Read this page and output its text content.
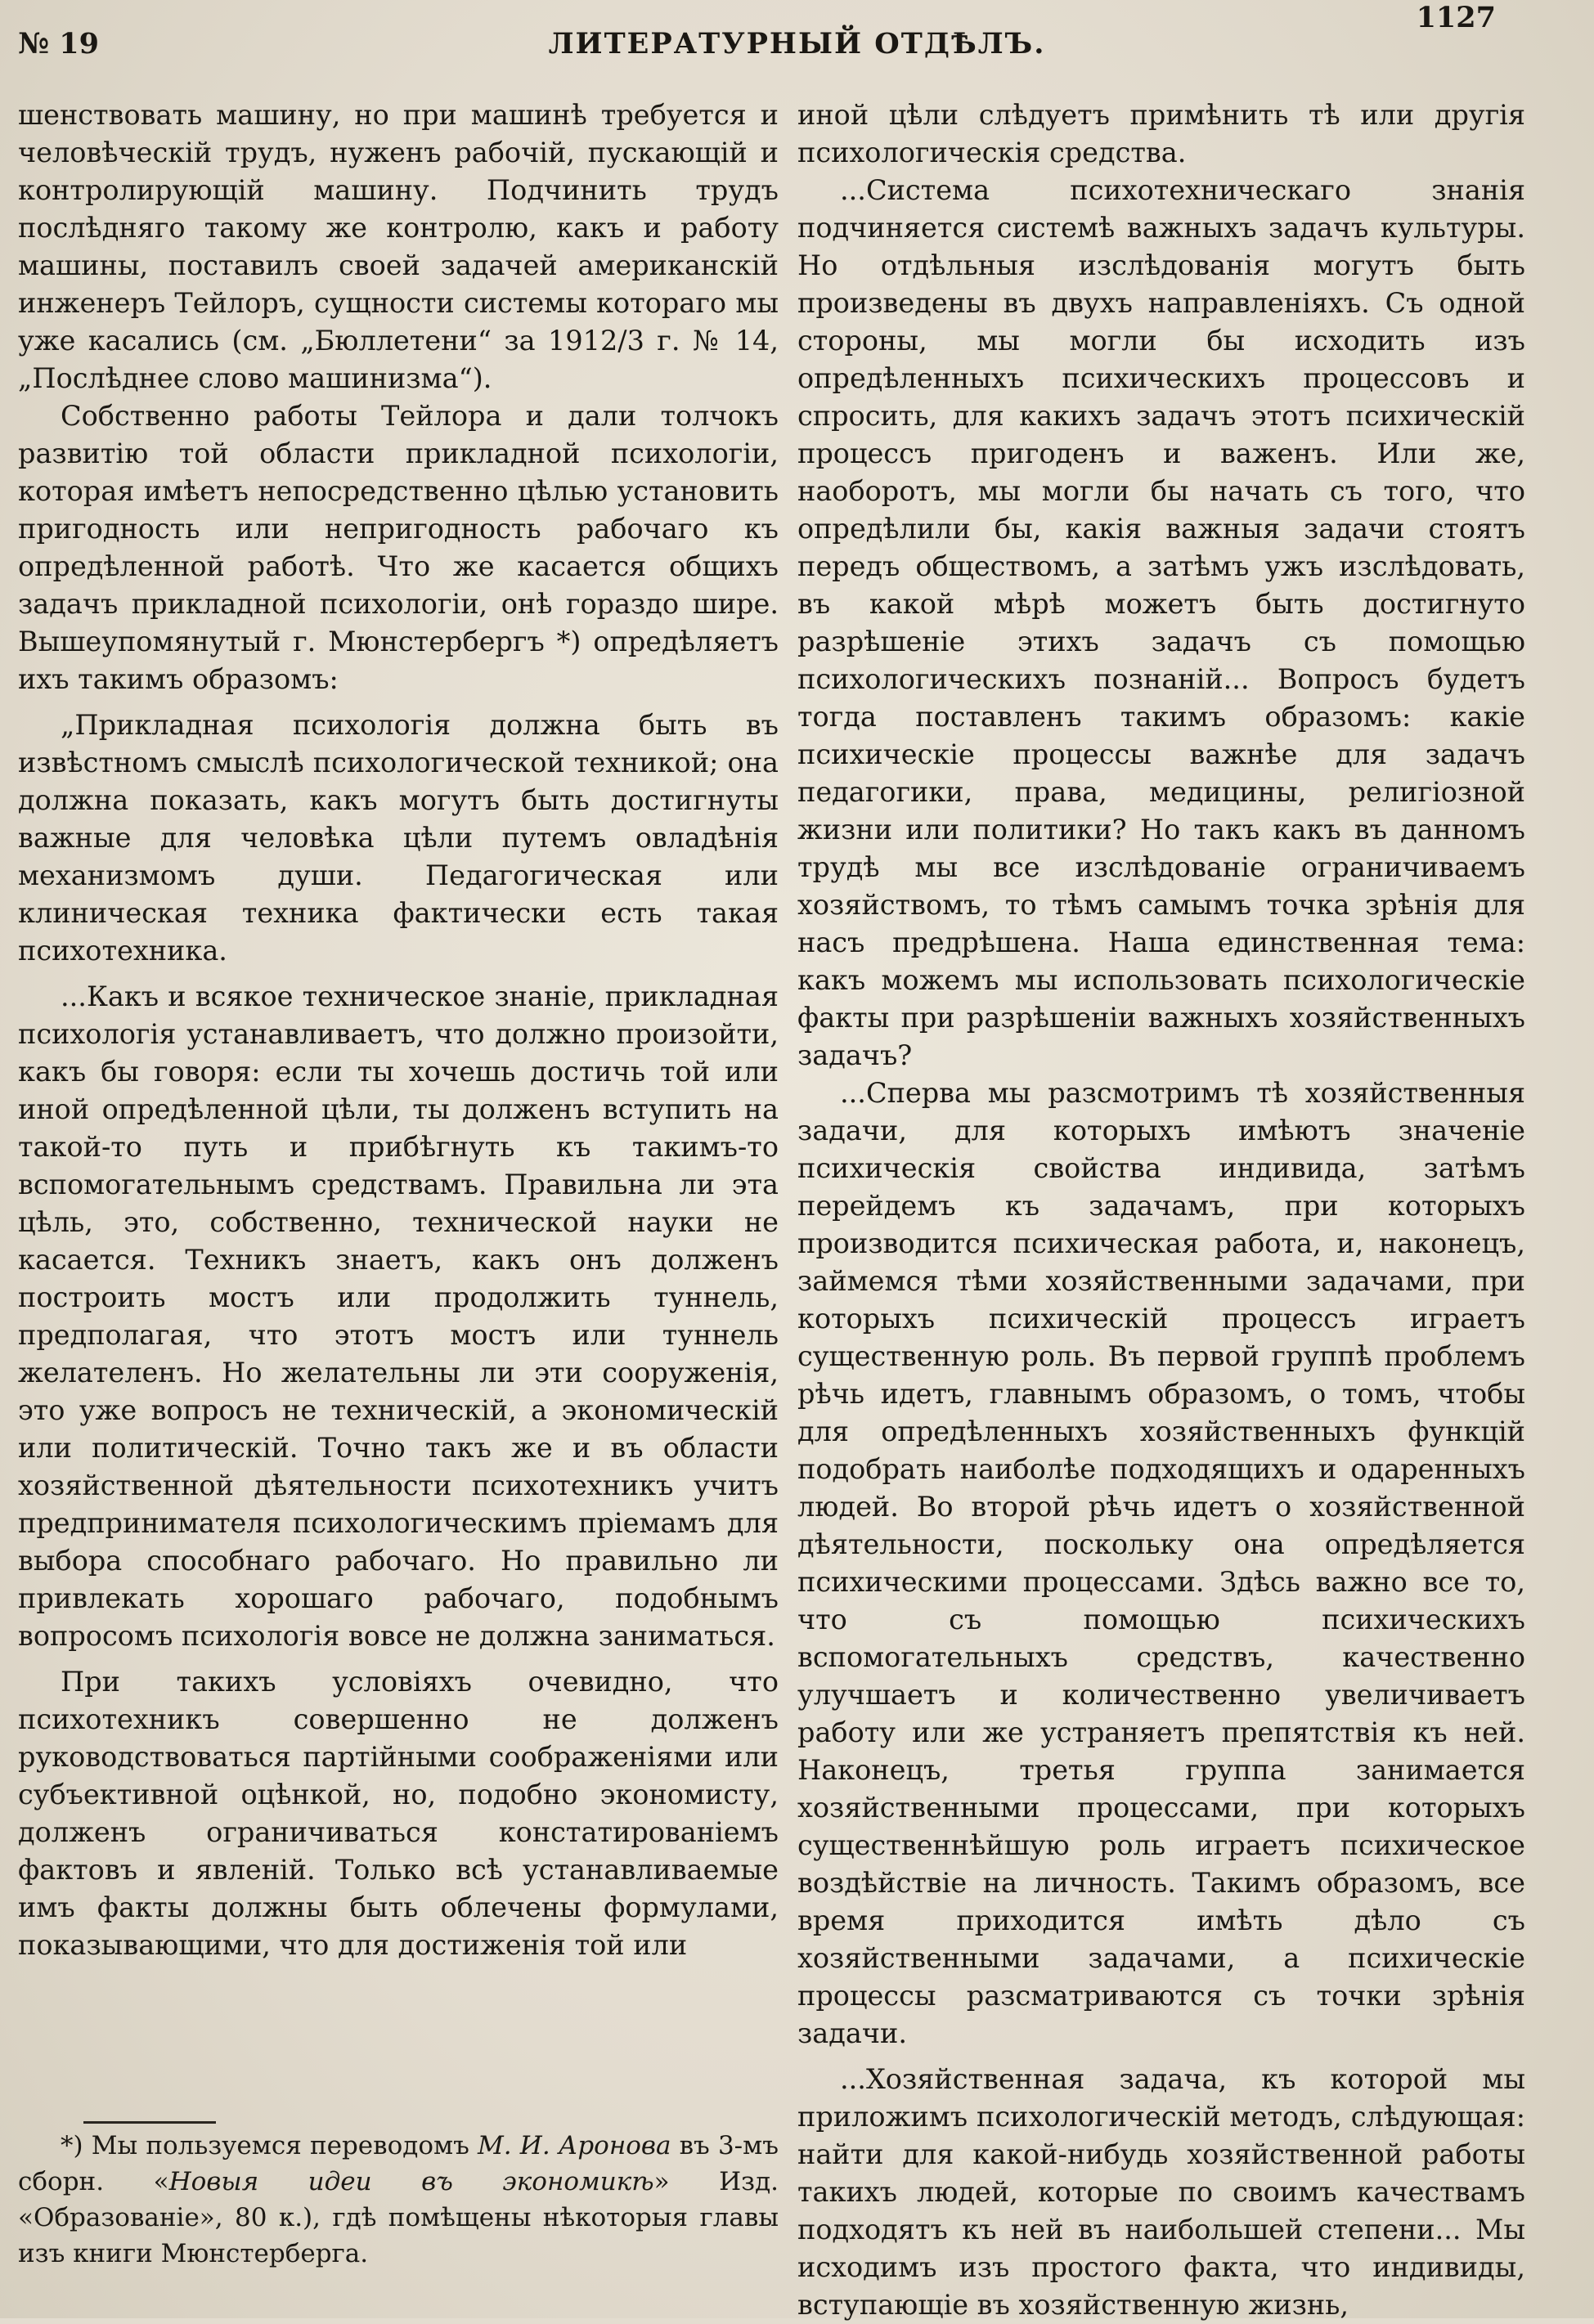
№ 19	ЛИТЕРАТУРНЫЙ ОТДѢЛЪ.
1127

шенствовать машину, но при машинѣ требуется и человѣческій трудъ, нуженъ рабочій, пускающій и контролирующій машину. Подчинить трудъ послѣдняго такому же контролю, какъ и работу машины, поставилъ своей задачей американскій инженеръ Тейлоръ, сущности системы котораго мы уже касались (см. „Бюллетени“ за 1912/3 г. № 14, „Послѣднее слово машинизма“).

Собственно работы Тейлора и дали толчокъ развитію той области прикладной психологіи, которая имѣетъ непосредственно цѣлью установить пригодность или непригодность рабочаго къ опредѣленной работѣ. Что же касается общихъ задачъ прикладной психологіи, онѣ гораздо шире. Вышеупомянутый г. Мюнстербергъ *) опредѣляетъ ихъ такимъ образомъ:

„Прикладная психологія должна быть въ извѣстномъ смыслѣ психологической техникой; она должна показать, какъ могутъ быть достигнуты важные для человѣка цѣли путемъ овладѣнія механизмомъ души. Педагогическая или клиническая техника фактически есть такая психотехника.

...Какъ и всякое техническое знаніе, прикладная психологія устанавливаетъ, что должно произойти, какъ бы говоря: если ты хочешь достичь той или иной опредѣленной цѣли, ты долженъ вступить на такой-то путь и прибѣгнуть къ такимъ-то вспомогательнымъ средствамъ. Правильна ли эта цѣль, это, собственно, технической науки не касается. Техникъ знаетъ, какъ онъ долженъ построить мостъ или продолжить туннель, предполагая, что этотъ мостъ или туннель желателенъ. Но желательны ли эти сооруженія, это уже вопросъ не техническій, а экономическій или политическій. Точно такъ же и въ области хозяйственной дѣятельности психотехникъ учитъ предпринимателя психологическимъ пріемамъ для выбора способнаго рабочаго. Но правильно ли привлекать хорошаго рабочаго, подобнымъ вопросомъ психологія вовсе не должна заниматься.

При такихъ условіяхъ очевидно, что психотехникъ совершенно не долженъ руководствоваться партійными соображеніями или субъективной оцѣнкой, но, подобно экономисту, долженъ ограничиваться констатированіемъ фактовъ и явленій. Только всѣ устанавливаемые имъ факты должны быть облечены формулами, показывающими, что для достиженія той или

иной цѣли слѣдуетъ примѣнить тѣ или другія психологическія средства.

...Система психотехническаго знанія подчиняется системѣ важныхъ задачъ культуры. Но отдѣльныя изслѣдованія могутъ быть произведены въ двухъ направленіяхъ. Съ одной стороны, мы могли бы исходить изъ опредѣленныхъ психическихъ процессовъ и спросить, для какихъ задачъ этотъ психическій процессъ пригоденъ и важенъ. Или же, наоборотъ, мы могли бы начать съ того, что опредѣлили бы, какія важныя задачи стоятъ передъ обществомъ, а затѣмъ ужъ изслѣдовать, въ какой мѣрѣ можетъ быть достигнуто разрѣшеніе этихъ задачъ съ помощью психологическихъ познаній... Вопросъ будетъ тогда поставленъ такимъ образомъ: какіе психическіе процессы важнѣе для задачъ педагогики, права, медицины, религіозной жизни или политики? Но такъ какъ въ данномъ трудѣ мы все изслѣдованіе ограничиваемъ хозяйствомъ, то тѣмъ самымъ точка зрѣнія для насъ предрѣшена. Наша единственная тема: какъ можемъ мы использовать психологическіе факты при разрѣшеніи важныхъ хозяйственныхъ задачъ?

...Сперва мы разсмотримъ тѣ хозяйственныя задачи, для которыхъ имѣютъ значеніе психическія свойства индивида, затѣмъ перейдемъ къ задачамъ, при которыхъ производится психическая работа, и, наконецъ, займемся тѣми хозяйственными задачами, при которыхъ психическій процессъ играетъ существенную роль. Въ первой группѣ проблемъ рѣчь идетъ, главнымъ образомъ, о томъ, чтобы для опредѣленныхъ хозяйственныхъ функцій подобрать наиболѣе подходящихъ и одаренныхъ людей. Во второй рѣчь идетъ о хозяйственной дѣятельности, поскольку она опредѣляется психическими процессами. Здѣсь важно все то, что съ помощью психическихъ вспомогательныхъ средствъ, качественно улучшаетъ и количественно увеличиваетъ работу или же устраняетъ препятствія къ ней. Наконецъ, третья группа занимается хозяйственными процессами, при которыхъ существеннѣйшую роль играетъ психическое воздѣйствіе на личность. Такимъ образомъ, все время приходится имѣть дѣло съ хозяйственными задачами, а психическіе процессы разсматриваются съ точки зрѣнія задачи.

...Хозяйственная задача, къ которой мы приложимъ психологическій методъ, слѣдующая: найти для какой-нибудь хозяйственной работы такихъ людей, которые по своимъ качествамъ подходятъ къ ней въ наибольшей степени... Мы исходимъ изъ простого факта, что индивиды, вступающіе въ хозяйственную жизнь,

*) Мы пользуемся переводомъ М. И. Аронова въ 3-мъ сборн. «Новыя идеи въ экономикѣ» Изд. «Образованіе», 80 к.), гдѣ помѣщены нѣкоторыя главы изъ книги Мюнстерберга.
